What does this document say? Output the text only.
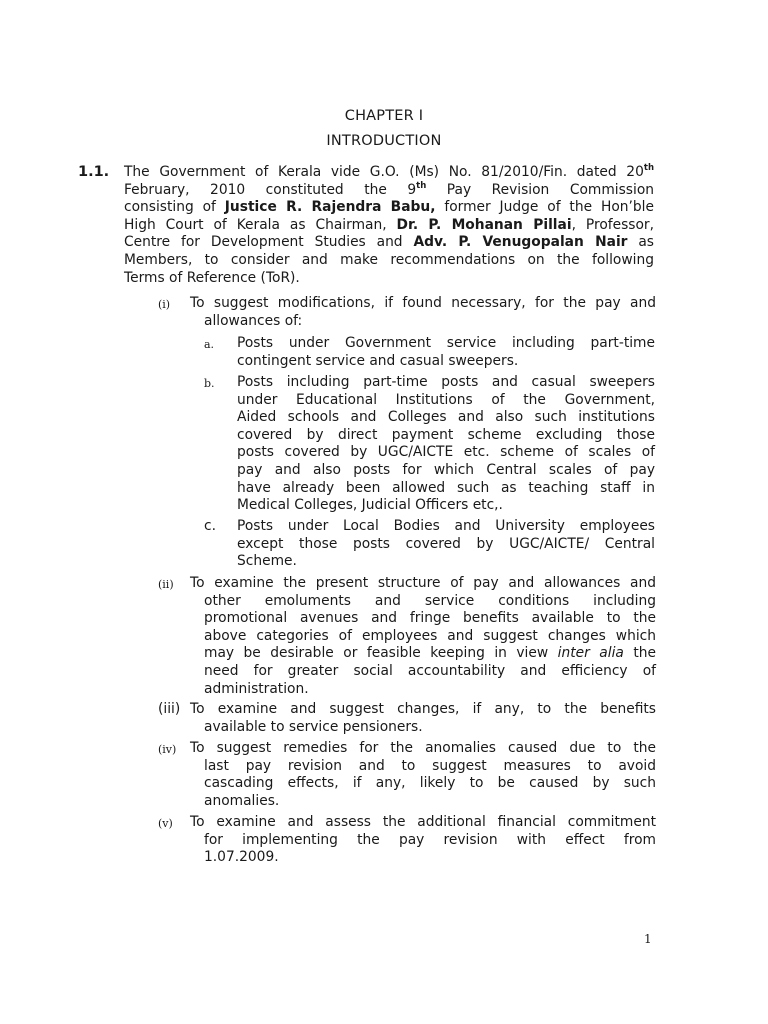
CHAPTER I
INTRODUCTION
1.1. The Government of Kerala vide G.O. (Ms) No. 81/2010/Fin. dated 20th
February, 2010 constituted the 9th Pay Revision Commission
consisting of Justice R. Rajendra Babu, former Judge of the Hon’ble
High Court of Kerala as Chairman, Dr. P. Mohanan Pillai, Professor,
Centre for Development Studies and Adv. P. Venugopalan Nair as
Members, to consider and make recommendations on the following
Terms of Reference (ToR).
(i) To suggest modifications, if found necessary, for the pay and
allowances of:
a. Posts under Government service including part-time
contingent service and casual sweepers.
b. Posts including part-time posts and casual sweepers
under Educational Institutions of the Government,
Aided schools and Colleges and also such institutions
covered by direct payment scheme excluding those
posts covered by UGC/AICTE etc. scheme of scales of
pay and also posts for which Central scales of pay
have already been allowed such as teaching staff in
Medical Colleges, Judicial Officers etc,.
c. Posts under Local Bodies and University employees
except those posts covered by UGC/AICTE/ Central
Scheme.
(ii) To examine the present structure of pay and allowances and
other emoluments and service conditions including
promotional avenues and fringe benefits available to the
above categories of employees and suggest changes which
may be desirable or feasible keeping in view inter alia the
need for greater social accountability and efficiency of
administration.
(iii) To examine and suggest changes, if any, to the benefits
available to service pensioners.
(iv) To suggest remedies for the anomalies caused due to the
last pay revision and to suggest measures to avoid
cascading effects, if any, likely to be caused by such
anomalies.
(v) To examine and assess the additional financial commitment
for implementing the pay revision with effect from
1.07.2009.
1
